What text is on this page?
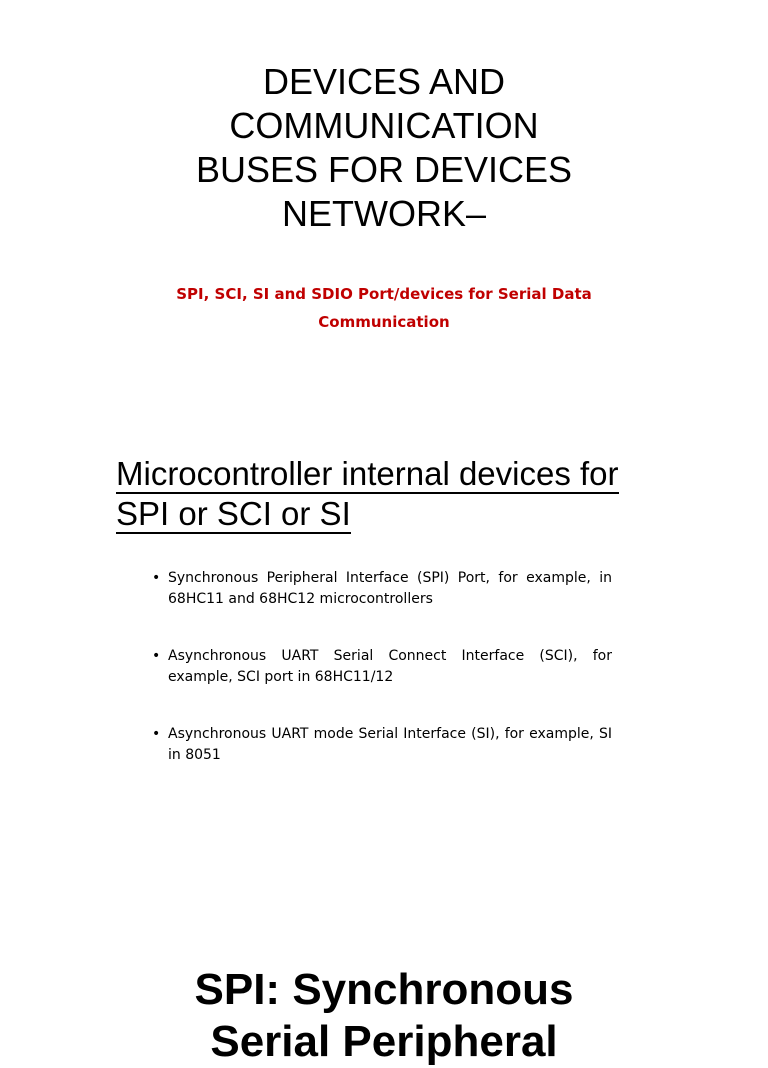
DEVICES AND
COMMUNICATION
BUSES FOR DEVICES
NETWORK–
SPI, SCI, SI and SDIO Port/devices for Serial Data
Communication
Microcontroller internal devices for
SPI or SCI or SI
• Synchronous Peripheral Interface (SPI) Port, for example, in 68HC11 and 68HC12 microcontrollers
• Asynchronous UART Serial Connect Interface (SCI), for example, SCI port in 68HC11/12
• Asynchronous UART mode Serial Interface (SI), for example, SI in 8051
SPI: Synchronous
Serial Peripheral
